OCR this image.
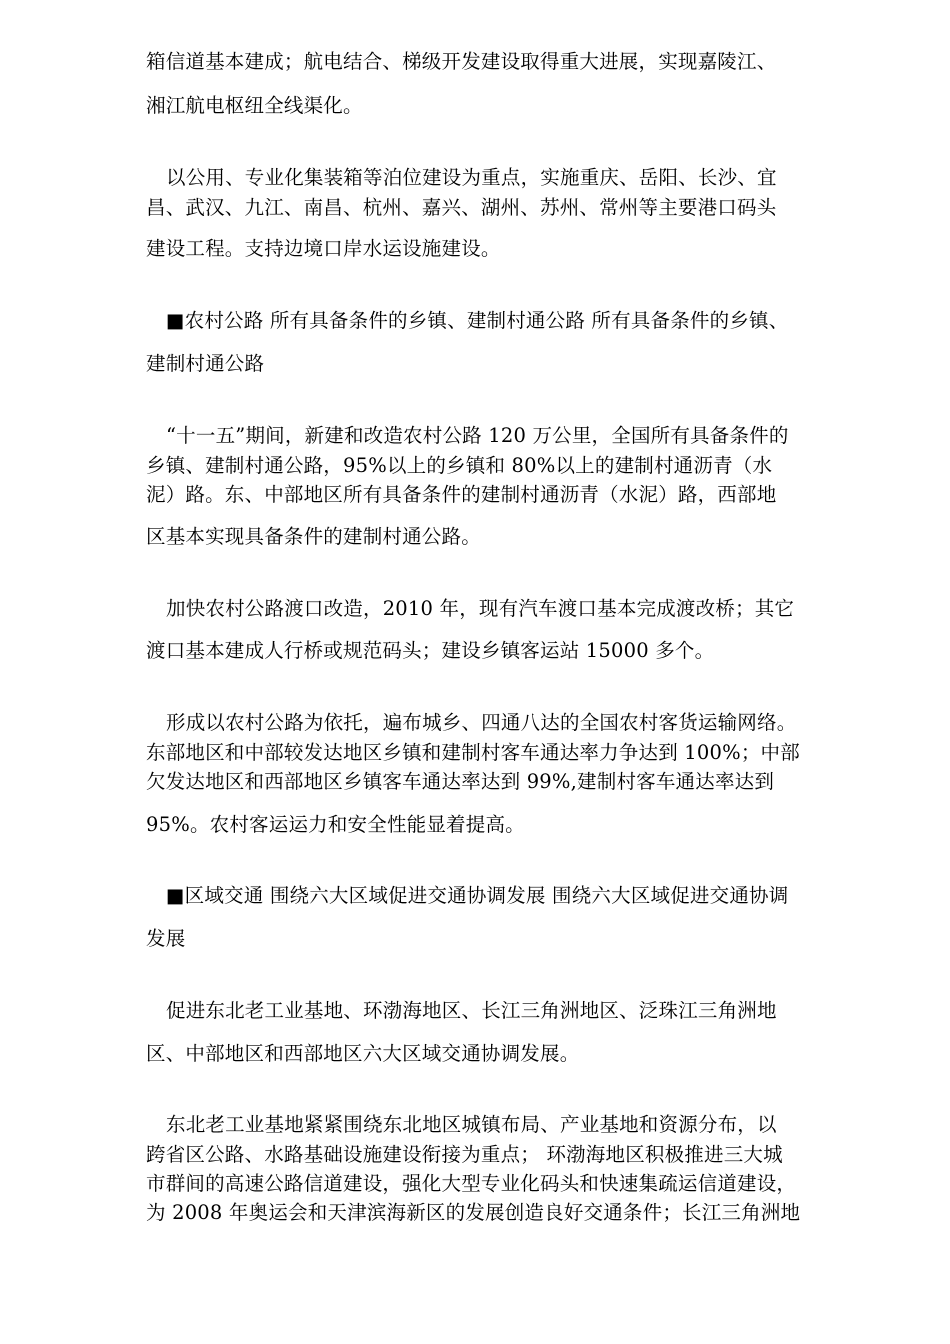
箱信道基本建成；航电结合、梯级开发建设取得重大进展，实现嘉陵江、
湘江航电枢纽全线渠化。
以公用、专业化集装箱等泊位建设为重点，实施重庆、岳阳、长沙、宜
昌、武汉、九江、南昌、杭州、嘉兴、湖州、苏州、常州等主要港口码头
建设工程。支持边境口岸水运设施建设。
■农村公路 所有具备条件的乡镇、建制村通公路 所有具备条件的乡镇、
建制村通公路
“十一五”期间，新建和改造农村公路 120 万公里，全国所有具备条件的
乡镇、建制村通公路，95%以上的乡镇和 80%以上的建制村通沥青（水
泥）路。东、中部地区所有具备条件的建制村通沥青（水泥）路，西部地
区基本实现具备条件的建制村通公路。
加快农村公路渡口改造，2010 年，现有汽车渡口基本完成渡改桥；其它
渡口基本建成人行桥或规范码头；建设乡镇客运站 15000 多个。
形成以农村公路为依托，遍布城乡、四通八达的全国农村客货运输网络。
东部地区和中部较发达地区乡镇和建制村客车通达率力争达到 100%；中部
欠发达地区和西部地区乡镇客车通达率达到 99%,建制村客车通达率达到
95%。农村客运运力和安全性能显着提高。
■区域交通 围绕六大区域促进交通协调发展 围绕六大区域促进交通协调
发展
促进东北老工业基地、环渤海地区、长江三角洲地区、泛珠江三角洲地
区、中部地区和西部地区六大区域交通协调发展。
东北老工业基地紧紧围绕东北地区城镇布局、产业基地和资源分布，以
跨省区公路、水路基础设施建设衔接为重点； 环渤海地区积极推进三大城
市群间的高速公路信道建设，强化大型专业化码头和快速集疏运信道建设，
为 2008 年奥运会和天津滨海新区的发展创造良好交通条件；长江三角洲地
